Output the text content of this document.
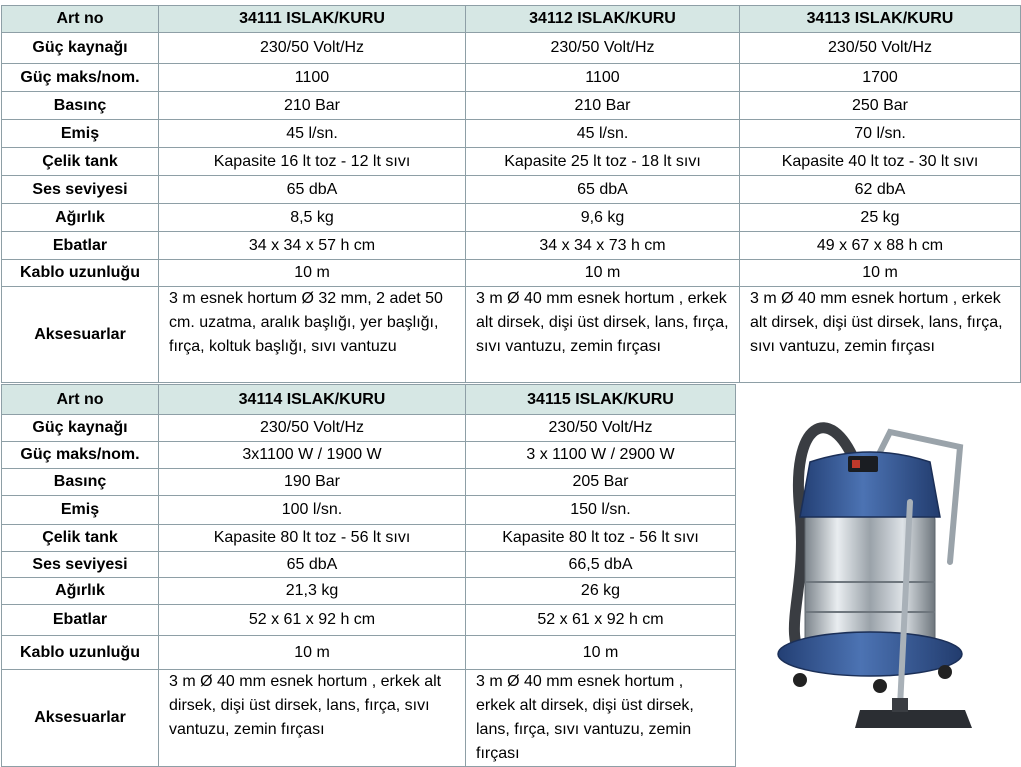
Art no	34111 ISLAK/KURU	34112 ISLAK/KURU	34113 ISLAK/KURU
Güç kaynağı	230/50 Volt/Hz	230/50 Volt/Hz	230/50 Volt/Hz
Güç maks/nom.	1100	1100	1700
Basınç	210 Bar	210 Bar	250 Bar
Emiş	45 l/sn.	45 l/sn.	70 l/sn.
Çelik tank	Kapasite 16 lt toz - 12 lt sıvı	Kapasite 25 lt toz - 18 lt sıvı	Kapasite 40 lt toz - 30 lt sıvı
Ses seviyesi	65 dbA	65 dbA	62 dbA
Ağırlık	8,5 kg	9,6 kg	25 kg
Ebatlar	34 x 34 x 57 h cm	34 x 34 x 73 h cm	49 x 67 x 88 h cm
Kablo uzunluğu	10 m	10 m	10 m
Aksesuarlar	3 m esnek hortum Ø 32 mm, 2 adet 50 cm. uzatma, aralık başlığı, yer başlığı, fırça, koltuk başlığı, sıvı vantuzu	3 m Ø 40 mm esnek hortum , erkek alt dirsek, dişi üst dirsek, lans, fırça, sıvı vantuzu, zemin fırçası	3 m Ø 40 mm esnek hortum , erkek alt dirsek, dişi üst dirsek, lans, fırça, sıvı vantuzu, zemin fırçası
Art no	34114 ISLAK/KURU	34115 ISLAK/KURU
Güç kaynağı	230/50 Volt/Hz	230/50 Volt/Hz
Güç maks/nom.	3x1100 W / 1900 W	3 x 1100 W / 2900 W
Basınç	190 Bar	205 Bar
Emiş	100 l/sn.	150 l/sn.
Çelik tank	Kapasite 80 lt toz - 56 lt sıvı	Kapasite 80 lt toz - 56 lt sıvı
Ses seviyesi	65 dbA	66,5 dbA
Ağırlık	21,3 kg	26 kg
Ebatlar	52 x 61 x 92 h cm	52 x 61 x 92 h cm
Kablo uzunluğu	10 m	10 m
Aksesuarlar	3 m Ø 40 mm esnek hortum , erkek alt dirsek, dişi üst dirsek, lans, fırça, sıvı vantuzu, zemin fırçası	3 m Ø 40 mm esnek hortum , erkek alt dirsek, dişi üst dirsek, lans, fırça, sıvı vantuzu, zemin fırçası
